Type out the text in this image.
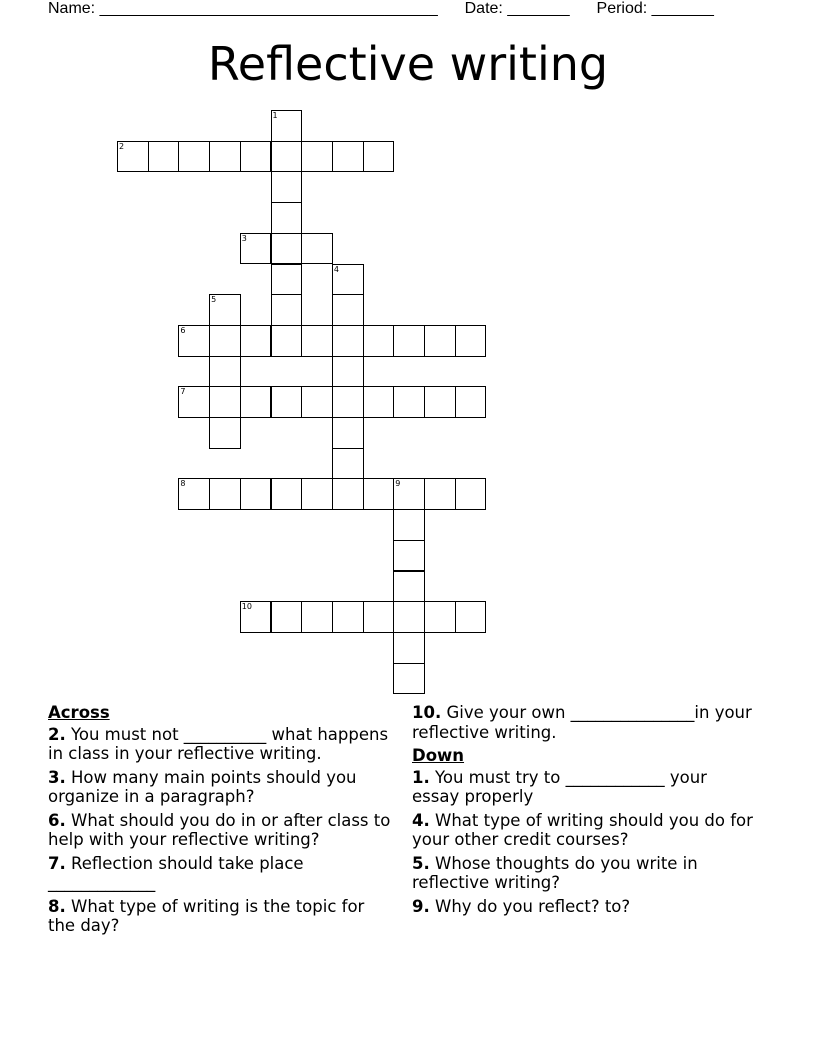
Name: ______________________________________ Date: _______ Period: _______
Reflective writing
1
2
3
4
5
6
7
8	9
10
Across
2. You must not __________ what happens in class in your reflective writing.
3. How many main points should you organize in a paragraph?
6. What should you do in or after class to help with your reflective writing?
7. Reflection should take place _____________
8. What type of writing is the topic for the day?
10. Give your own _______________in your reflective writing.
Down
1. You must try to ____________ your essay properly
4. What type of writing should you do for your other credit courses?
5. Whose thoughts do you write in reflective writing?
9. Why do you reflect? to?
